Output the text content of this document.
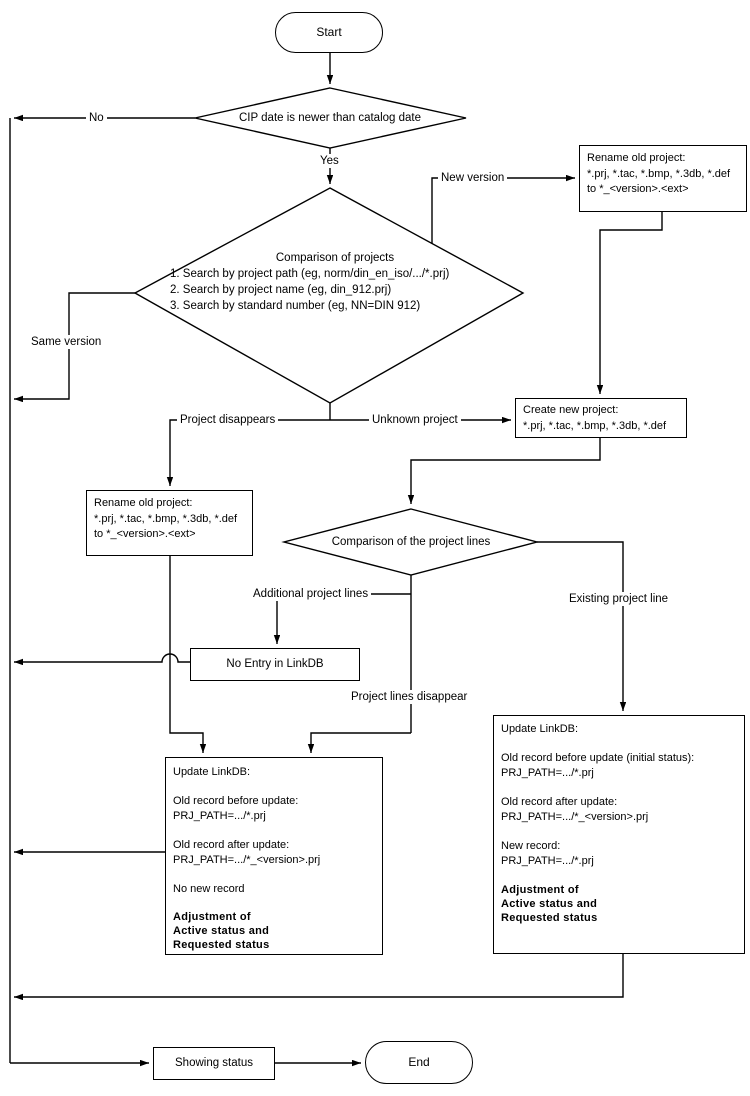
Start
End
CIP date is newer than catalog date
Comparison of projects
1. Search by project path (eg, norm/din_en_iso/.../*.prj)
2. Search by project name (eg, din_912.prj)
3. Search by standard number (eg, NN=DIN 912)
Comparison of the project lines
Rename old project:
*.prj, *.tac, *.bmp, *.3db, *.def
to *_<version>.<ext>
Create new project:
*.prj, *.tac, *.bmp, *.3db, *.def
Rename old project:
*.prj, *.tac, *.bmp, *.3db, *.def
to *_<version>.<ext>
No Entry in LinkDB
Update LinkDB:
Old record before update:
PRJ_PATH=.../*.prj
Old record after update:
PRJ_PATH=.../*_<version>.prj
No new record
Adjustment of
Active status and
Requested status
Update LinkDB:
Old record before update (initial status):
PRJ_PATH=.../*.prj
Old record after update:
PRJ_PATH=.../*_<version>.prj
New record:
PRJ_PATH=.../*.prj
Adjustment of
Active status and
Requested status
Showing status
No
Yes
New version
Same version
Project disappears	Unknown project
Additional project lines
Project lines disappear
Existing project line
